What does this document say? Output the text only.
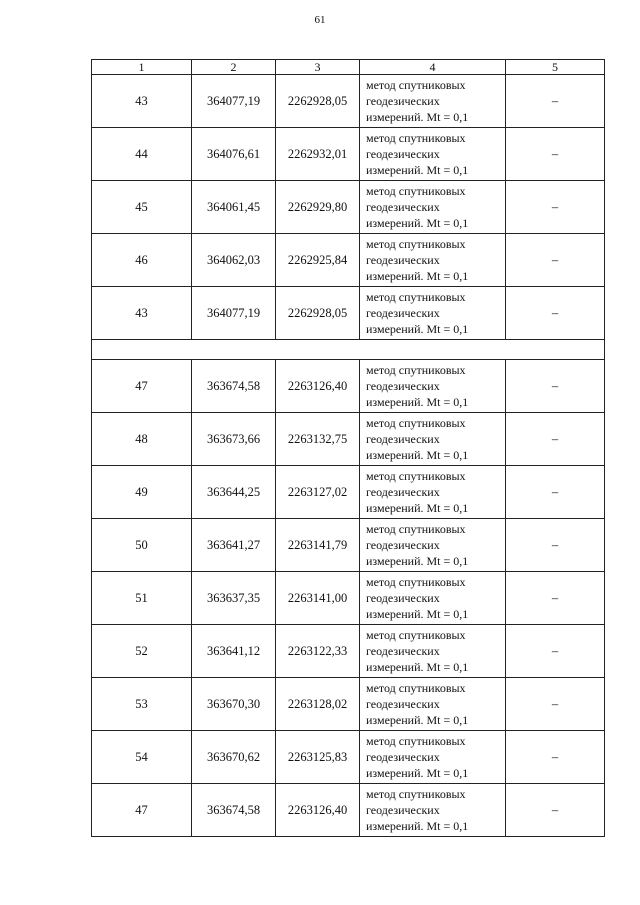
61
1	2	3	4	5
43	364077,19	2262928,05	метод спутниковых
геодезических
измерений. Mt = 0,1	–
44	364076,61	2262932,01	метод спутниковых
геодезических
измерений. Mt = 0,1	–
45	364061,45	2262929,80	метод спутниковых
геодезических
измерений. Mt = 0,1	–
46	364062,03	2262925,84	метод спутниковых
геодезических
измерений. Mt = 0,1	–
43	364077,19	2262928,05	метод спутниковых
геодезических
измерений. Mt = 0,1	–

47	363674,58	2263126,40	метод спутниковых
геодезических
измерений. Mt = 0,1	–
48	363673,66	2263132,75	метод спутниковых
геодезических
измерений. Mt = 0,1	–
49	363644,25	2263127,02	метод спутниковых
геодезических
измерений. Mt = 0,1	–
50	363641,27	2263141,79	метод спутниковых
геодезических
измерений. Mt = 0,1	–
51	363637,35	2263141,00	метод спутниковых
геодезических
измерений. Mt = 0,1	–
52	363641,12	2263122,33	метод спутниковых
геодезических
измерений. Mt = 0,1	–
53	363670,30	2263128,02	метод спутниковых
геодезических
измерений. Mt = 0,1	–
54	363670,62	2263125,83	метод спутниковых
геодезических
измерений. Mt = 0,1	–
47	363674,58	2263126,40	метод спутниковых
геодезических
измерений. Mt = 0,1	–
